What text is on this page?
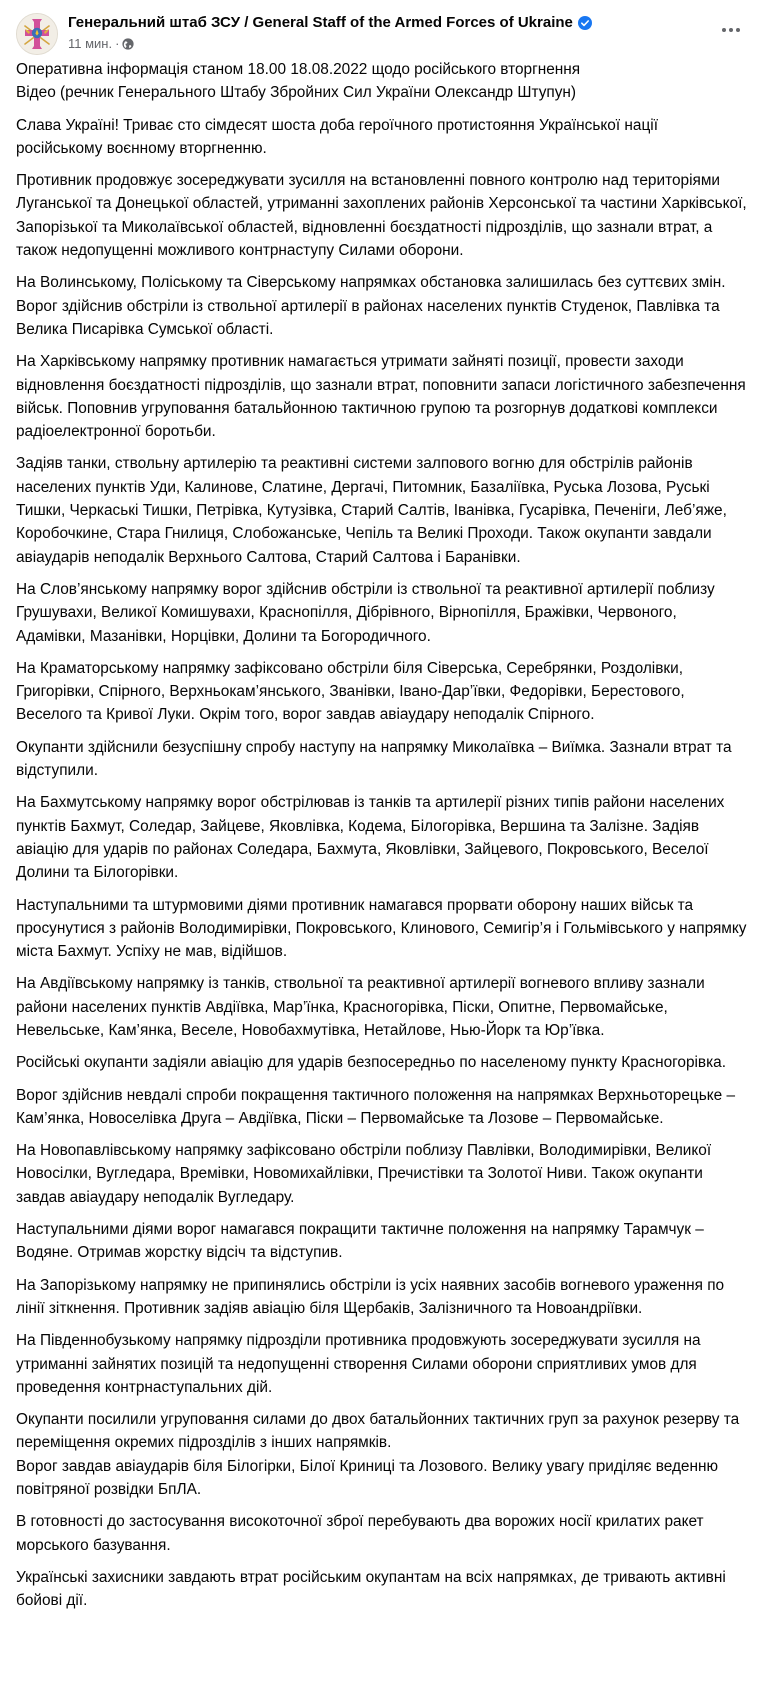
Генеральний штаб ЗСУ / General Staff of the Armed Forces of Ukraine
11 мин. ·

Оперативна інформація станом 18.00 18.08.2022 щодо російського вторгнення
Відео (речник Генерального Штабу Збройних Сил України Олександр Штупун)

Слава Україні! Триває сто сімдесят шоста доба героїчного протистояння Української нації російському воєнному вторгненню.

Противник продовжує зосереджувати зусилля на встановленні повного контролю над територіями Луганської та Донецької областей, утриманні захоплених районів Херсонської та частини Харківської, Запорізької та Миколаївської областей, відновленні боєздатності підрозділів, що зазнали втрат, а також недопущенні можливого контрнаступу Силами оборони.

На Волинському, Поліському та Сіверському напрямках обстановка залишилась без суттєвих змін. Ворог здійснив обстріли із ствольної артилерії в районах населених пунктів Студенок, Павлівка та Велика Писарівка Сумської області.

На Харківському напрямку противник намагається утримати зайняті позиції, провести заходи відновлення боєздатності підрозділів, що зазнали втрат, поповнити запаси логістичного забезпечення військ. Поповнив угруповання батальйонною тактичною групою та розгорнув додаткові комплекси радіоелектронної боротьби.

Задіяв танки, ствольну артилерію та реактивні системи залпового вогню для обстрілів районів населених пунктів Уди, Калинове, Слатине, Дергачі, Питомник, Базаліївка, Руська Лозова, Руські Тишки, Черкаські Тишки, Петрівка, Кутузівка, Старий Салтів, Іванівка, Гусарівка, Печеніги, Леб’яже, Коробочкине, Стара Гнилиця, Слобожанське, Чепіль та Великі Проходи. Також окупанти завдали авіаударів неподалік Верхнього Салтова, Старий Салтова і Баранівки.

На Слов’янському напрямку ворог здійснив обстріли із ствольної та реактивної артилерії поблизу Грушувахи, Великої Комишувахи, Краснопілля, Дібрівного, Вірнопілля, Бражівки, Червоного, Адамівки, Мазанівки, Норцівки, Долини та Богородичного.

На Краматорському напрямку зафіксовано обстріли біля Сіверська, Серебрянки, Роздолівки, Григорівки, Спірного, Верхньокам’янського, Званівки, Івано-Дар’ївки, Федорівки, Берестового, Веселого та Кривої Луки. Окрім того, ворог завдав авіаудару неподалік Спірного.

Окупанти здійснили безуспішну спробу наступу на напрямку Миколаївка – Виїмка. Зазнали втрат та відступили.

На Бахмутському напрямку ворог обстрілював із танків та артилерії різних типів райони населених пунктів Бахмут, Соледар, Зайцеве, Яковлівка, Кодема, Білогорівка, Вершина та Залізне. Задіяв авіацію для ударів по районах Соледара, Бахмута, Яковлівки, Зайцевого, Покровського, Веселої Долини та Білогорівки.

Наступальними та штурмовими діями противник намагався прорвати оборону наших військ та просунутися з районів Володимирівки, Покровського, Клинового, Семигір’я і Гольмівського у напрямку міста Бахмут. Успіху не мав, відійшов.

На Авдіївському напрямку із танків, ствольної та реактивної артилерії вогневого впливу зазнали райони населених пунктів Авдіївка, Мар’їнка, Красногорівка, Піски, Опитне, Первомайське, Невельське, Кам’янка, Веселе, Новобахмутівка, Нетайлове, Нью-Йорк та Юр’ївка.

Російські окупанти задіяли авіацію для ударів безпосередньо по населеному пункту Красногорівка.

Ворог здійснив невдалі спроби покращення тактичного положення на напрямках Верхньоторецьке – Кам’янка, Новоселівка Друга – Авдіївка, Піски – Первомайське та Лозове – Первомайське.

На Новопавлівському напрямку зафіксовано обстріли поблизу Павлівки, Володимирівки, Великої Новосілки, Вугледара, Времівки, Новомихайлівки, Пречистівки та Золотої Ниви. Також окупанти завдав авіаудару неподалік Вугледару.

Наступальними діями ворог намагався покращити тактичне положення на напрямку Тарамчук – Водяне. Отримав жорстку відсіч та відступив.

На Запорізькому напрямку не припинялись обстріли із усіх наявних засобів вогневого ураження по лінії зіткнення. Противник задіяв авіацію біля Щербаків, Залізничного та Новоандріївки.

На Південнобузькому напрямку підрозділи противника продовжують зосереджувати зусилля на утриманні зайнятих позицій та недопущенні створення Силами оборони сприятливих умов для проведення контрнаступальних дій.

Окупанти посилили угруповання силами до двох батальйонних тактичних груп за рахунок резерву та переміщення окремих підрозділів з інших напрямків.
Ворог завдав авіаударів біля Білогірки, Білої Криниці та Лозового. Велику увагу приділяє веденню повітряної розвідки БпЛА.

В готовності до застосування високоточної зброї перебувають два ворожих носії крилатих ракет морського базування.

Українські захисники завдають втрат російським окупантам на всіх напрямках, де тривають активні бойові дії.
